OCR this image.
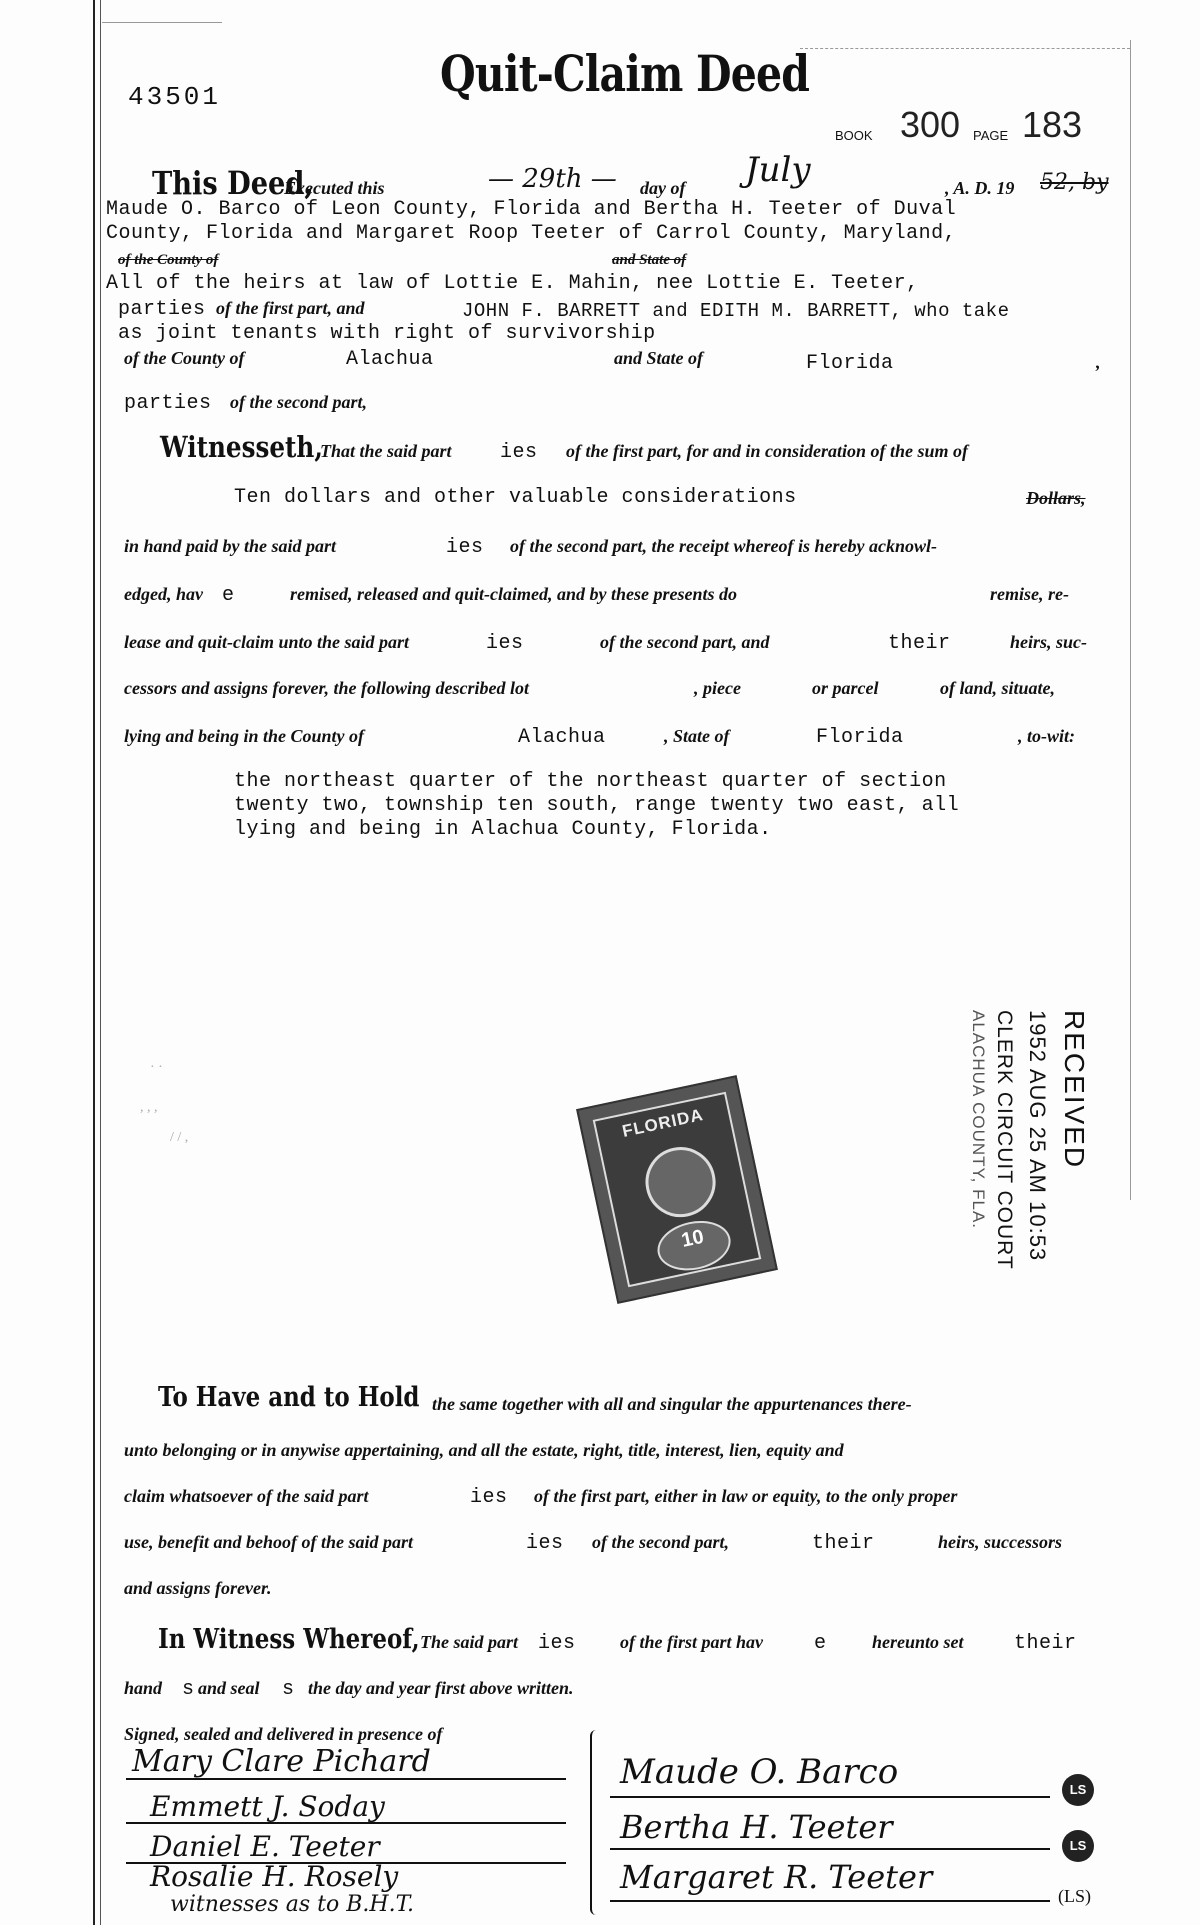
43501	Quit-Claim Deed
BOOK 300 PAGE 183
This Deed,
Executed this	— 29th — day of July	, A. D. 19 52, by
Maude O. Barco of Leon County, Florida and Bertha H. Teeter of Duval
County, Florida and Margaret Roop Teeter of Carrol County, Maryland,
of the County of	and State of
All of the heirs at law of Lottie E. Mahin, nee Lottie E. Teeter,
parties of the first part, and	JOHN F. BARRETT and EDITH M. BARRETT, who take
as joint tenants with right of survivorship
of the County of	Alachua	and State of	Florida	,
parties of the second part,
Witnesseth,
That the said part ies of the first part, for and in consideration of the sum of
Ten dollars and other valuable considerations	Dollars,
in hand paid by the said part	ies of the second part, the receipt whereof is hereby acknowl-
edged, hav e	remised, released and quit-claimed, and by these presents do	remise, re-
lease and quit-claim unto the said part	ies	of the second part, and	their	heirs, suc-
cessors and assigns forever, the following described lot	, piece	or parcel	of land, situate,
lying and being in the County of	Alachua	, State of	Florida	, to-wit:
the northeast quarter of the northeast quarter of section
twenty two, township ten south, range twenty two east, all
lying and being in Alachua County, Florida.
· ·
, , ,
/ / ,	FLORIDA
10
RECEIVED
1952 AUG 25 AM 10:53
CLERK CIRCUIT COURT
ALACHUA COUNTY, FLA.
To Have and to Hold the same together with all and singular the appurtenances there-
unto belonging or in anywise appertaining, and all the estate, right, title, interest, lien, equity and
claim whatsoever of the said part	ies of the first part, either in law or equity, to the only proper
use, benefit and behoof of the said part	ies of the second part,	their	heirs, successors
and assigns forever.
In Witness Whereof, The said part ies of the first part hav	e	hereunto set	their
hand s and seal s the day and year first above written.
Signed, sealed and delivered in presence of
Mary Clare Pichard
Emmett J. Soday
Daniel E. Teeter
Rosalie H. Rosely
witnesses as to B.H.T.
Maude O. Barco	LS
Bertha H. Teeter	LS
Margaret R. Teeter	(LS)
